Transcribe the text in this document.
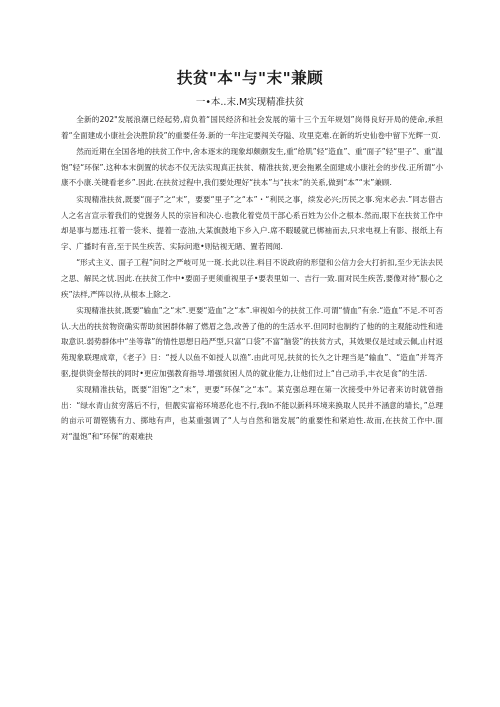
扶贫"本"与"末"兼顾
一•本..末.M实现精准扶贫

全新的202"发展浪潮已经起势,肩负着“国民经济和社会发展的第十三个五年规划”岗得良好开局的使命,承担着“全面建成小康社会决胜阶段”的重要任务.新的一年注定要闯关夺隘、攻里克难.在新的圻史仙卷中留下光辉一页.

然而近期在全国各地的扶贫工作中,舍本逐末的现象却颇颇发生,重“给肌”轻“造血”、重“面子”轻“里子”、重“温饱”轻“环保”.这种本末倒置的状态不仅无法实现真正扶贫、精准扶贫,更会拖累全面建成小康社会的步伐.正所谓“小康不小康.关键看老乡”.因此.在扶贫过程中,我们要处理好“扶本”与“扶末”的关系,做到“本”“末”兼顾.

实现精准扶贫,既要“面子”之“末”，要要“里子”之“本”・“利民之事，续发必兴;历民之事.宛末必去.”同志借古人之名言宣示着我们的党握务人民的宗旨和决心.也教化着党员干部心系百姓为公仆之根本.然而,眼下在扶贫工作中却是事与愿违.扛着一袋米、提着一壶油,大某旗鼓地下乡入户.席不暇暖就已梆袖而去,只求电视上有影、报纸上有字、广播时有音,至于民生疾苦、实际问遨•则钻视无睹、置若罔闻.

“形式主义、面子工程”问时之严岐可见一斑.长此以往.料目不说政府的形望和公信力会大打折扣,至少无法去民之思、解民之忧.因此.在扶贫工作中•要面子更须重视里子•要表里如一、吉行一致.面对民生疾苦,要像对待“服心之疾”法样,严阵以待,从根本上除之.

实现精准扶贫,既要“输血”之“末”.更要“造血”之“本”.审视如今的扶贫工作.可谓“情血”有余.“造血”不足.不可否认.大出的扶贫物资确实帮助贫困群体解了燃眉之急,改善了他的的生活水平.但同时也制约了他的的主观能动性和进取意识.弱势群体中“坐等靠”的情性思想日趋严型,只富“口袋”不富“脑袋”的扶贫方式，其效果仅是过或云佩,山村返苑现象联理成章，《老子》日：“授人以鱼不如授人以渔”.由此可见,扶贫的长久之计理当是“输血”、“造血”并驾齐驱,提供资金帮扶的同时•更应加强教育指导.增强贫困人员的就业能力,让他们过上“自己动手,丰衣足食”的生活.

实现精准扶钻，既要“泪饱”之“末”，更要“环保”之“本”。某克强总理在第一次接受中外记者来访时就曾指出：“绿水青山贫穷落后不行，但靓实富裕环境恶化也不行,我ln不能以新科环境来换取人民并不涵意的墙长，”总理的亩示可谓铿镌有力、掷地有声，也某重强调了“人与自然和谐发展”的重要性和紧迫性.故而,在扶贫工作中.面对“温饱”和“环保”的艰难抉
